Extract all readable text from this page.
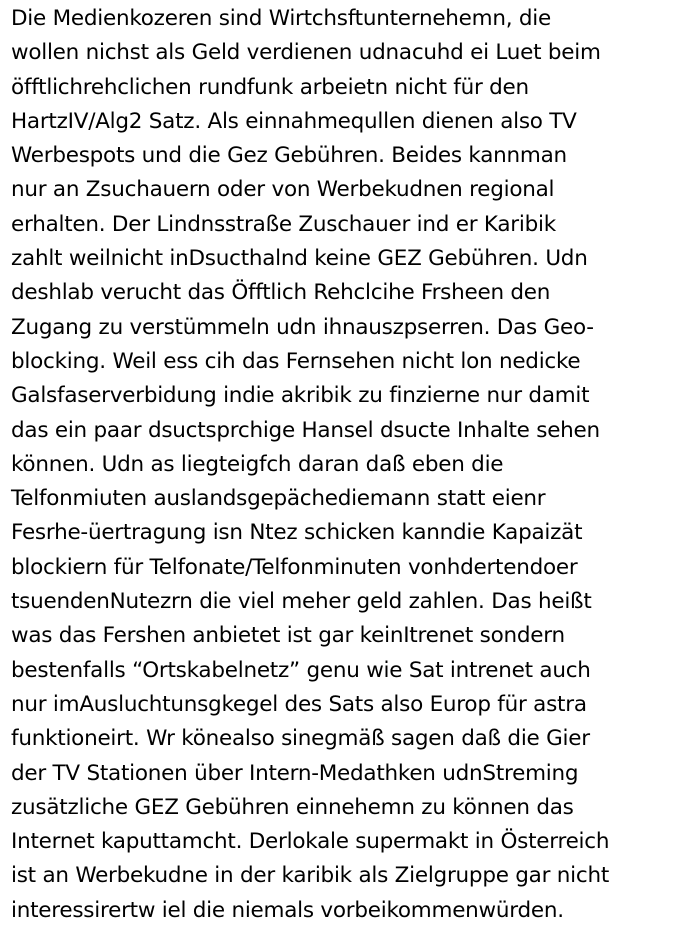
Die Medienkozeren sind Wirtchsftunternehemn, die
wollen nichst als Geld verdienen udnacuhd ei Luet beim
öfftlichrehclichen rundfunk arbeietn nicht für den
HartzIV/Alg2 Satz. Als einnahmequllen dienen also TV
Werbespots und die Gez Gebühren. Beides kannman
nur an Zsuchauern oder von Werbekudnen regional
erhalten. Der Lindnsstraße Zuschauer ind er Karibik
zahlt weilnicht inDsucthalnd keine GEZ Gebühren. Udn
deshlab verucht das Öfftlich Rehclcihe Frsheen den
Zugang zu verstümmeln udn ihnauszpserren. Das Geo-
blocking. Weil ess cih das Fernsehen nicht lon nedicke
Galsfaserverbidung indie akribik zu finzierne nur damit
das ein paar dsuctsprchige Hansel dsucte Inhalte sehen
können. Udn as liegteigfch daran daß eben die
Telfonmiuten auslandsgepächediemann statt eienr
Fesrhe-üertragung isn Ntez schicken kanndie Kapaizät
blockiern für Telfonate/Telfonminuten vonhdertendoer
tsuendenNutezrn die viel meher geld zahlen. Das heißt
was das Fershen anbietet ist gar keinItrenet sondern
bestenfalls “Ortskabelnetz” genu wie Sat intrenet auch
nur imAusluchtunsgkegel des Sats also Europ für astra
funktioneirt. Wr könealso sinegmäß sagen daß die Gier
der TV Stationen über Intern-Medathken udnStreming
zusätzliche GEZ Gebühren einnehemn zu können das
Internet kaputtamcht. Derlokale supermakt in Österreich
ist an Werbekudne in der karibik als Zielgruppe gar nicht
interessirertw iel die niemals vorbeikommenwürden.
